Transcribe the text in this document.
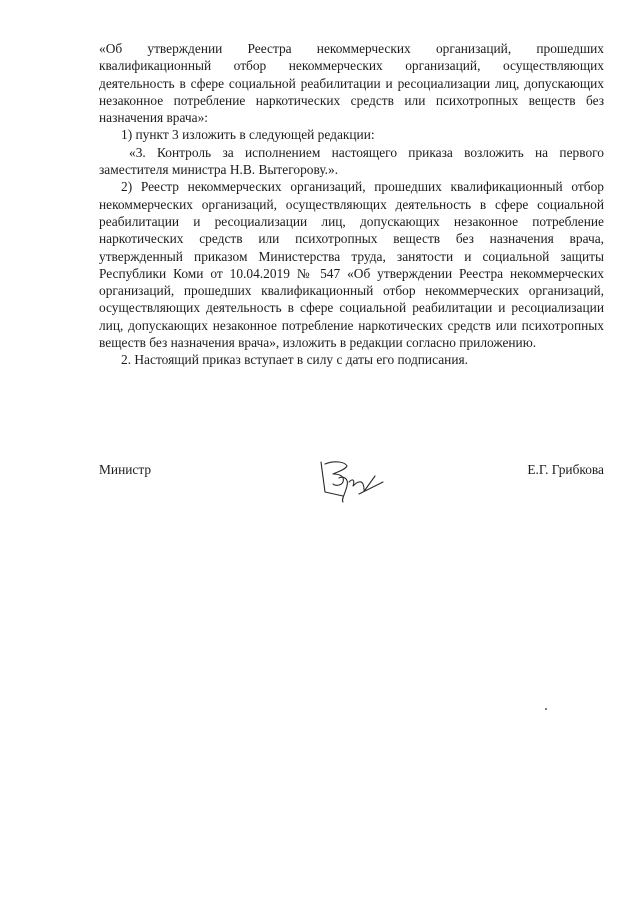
«Об утверждении Реестра некоммерческих организаций, прошедших квалификационный отбор некоммерческих организаций, осуществляющих деятельность в сфере социальной реабилитации и ресоциализации лиц, допускающих незаконное потребление наркотических средств или психотропных веществ без назначения врача»:

1) пункт 3 изложить в следующей редакции:

«3. Контроль за исполнением настоящего приказа возложить на первого заместителя министра Н.В. Вытегорову.».

2) Реестр некоммерческих организаций, прошедших квалификационный отбор некоммерческих организаций, осуществляющих деятельность в сфере социальной реабилитации и ресоциализации лиц, допускающих незаконное потребление наркотических средств или психотропных веществ без назначения врача, утвержденный приказом Министерства труда, занятости и социальной защиты Республики Коми от 10.04.2019 № 547 «Об утверждении Реестра некоммерческих организаций, прошедших квалификационный отбор некоммерческих организаций, осуществляющих деятельность в сфере социальной реабилитации и ресоциализации лиц, допускающих незаконное потребление наркотических средств или психотропных веществ без назначения врача», изложить в редакции согласно приложению.

2. Настоящий приказ вступает в силу с даты его подписания.

Министр	Е.Г. Грибкова
